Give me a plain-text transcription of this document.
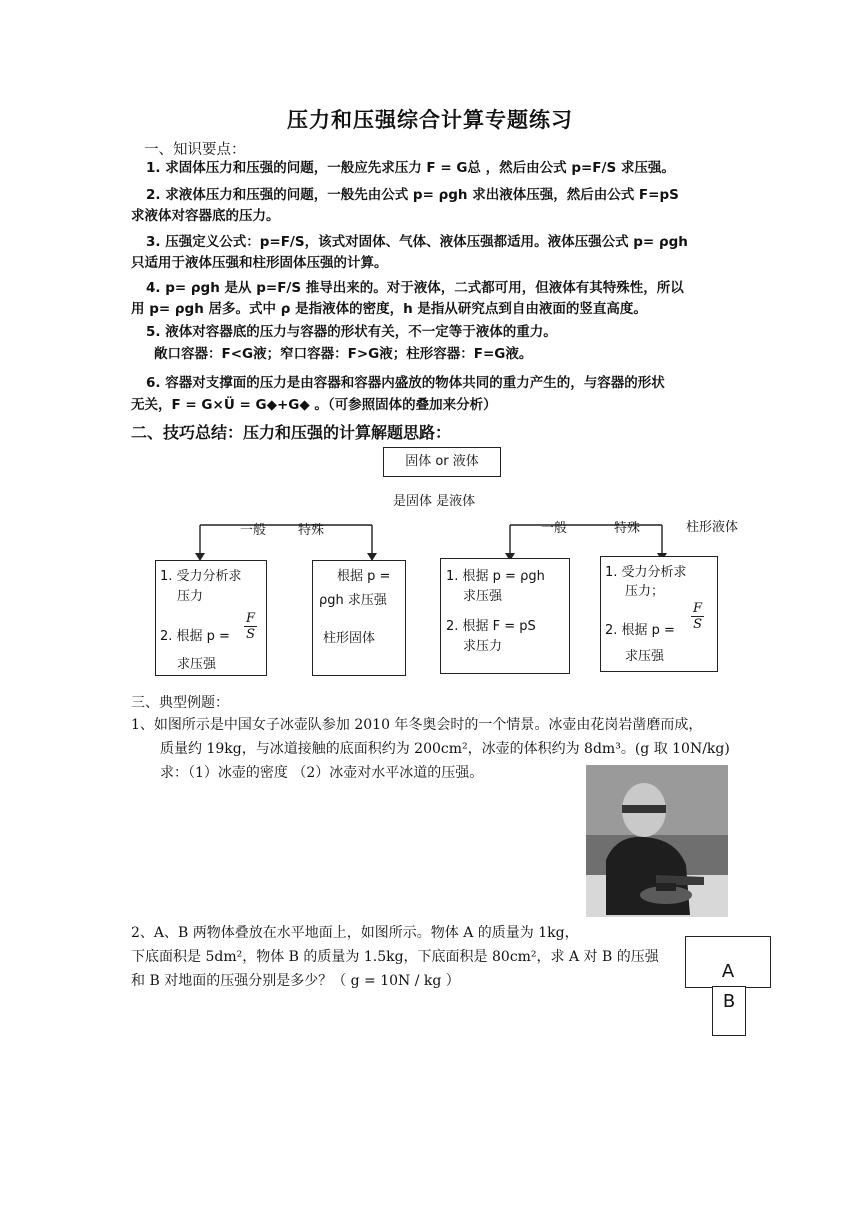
压力和压强综合计算专题练习
一、知识要点：
1. 求固体压力和压强的问题，一般应先求压力 F = G总 ，然后由公式 p=F/S 求压强。
2. 求液体压力和压强的问题，一般先由公式 p= ρgh 求出液体压强，然后由公式 F=pS
求液体对容器底的压力。
3. 压强定义公式：p=F/S，该式对固体、气体、液体压强都适用。液体压强公式 p= ρgh
只适用于液体压强和柱形固体压强的计算。
4. p= ρgh 是从 p=F/S 推导出来的。对于液体，二式都可用，但液体有其特殊性，所以
用 p= ρgh 居多。式中 ρ 是指液体的密度，h 是指从研究点到自由液面的竖直高度。
5. 液体对容器底的压力与容器的形状有关，不一定等于液体的重力。
敞口容器：F<G液；窄口容器：F>G液；柱形容器：F=G液。
6. 容器对支撑面的压力是由容器和容器内盛放的物体共同的重力产生的，与容器的形状
无关，F = G×Ü = G◆+G◆ 。（可参照固体的叠加来分析）
二、技巧总结：压力和压强的计算解题思路：
固体 or 液体
是固体 是液体
一般 特殊	一般	特殊	柱形液体
1. 受力分析求
压力
2. 根据 $p = \frac{F}{S}$
求压强
根据 p =
ρgh 求压强
柱形固体
1. 根据 p = ρgh
求压强
2. 根据 F = pS
求压力
1. 受力分析求
压力；
2. 根据 $p = \frac{F}{S}$
求压强
三、典型例题：
1、如图所示是中国女子冰壶队参加 2010 年冬奥会时的一个情景。冰壶由花岗岩凿磨而成，
质量约 19kg，与冰道接触的底面积约为 200cm²，冰壶的体积约为 8dm³。(g 取 10N/kg)
求：（1）冰壶的密度 （2）冰壶对水平冰道的压强。
2、A、B 两物体叠放在水平地面上，如图所示。物体 A 的质量为 1kg，
下底面积是 5dm²，物体 B 的质量为 1.5kg，下底面积是 80cm²，求 A 对 B 的压强
和 B 对地面的压强分别是多少？（ g = 10N / kg ）	A
B
